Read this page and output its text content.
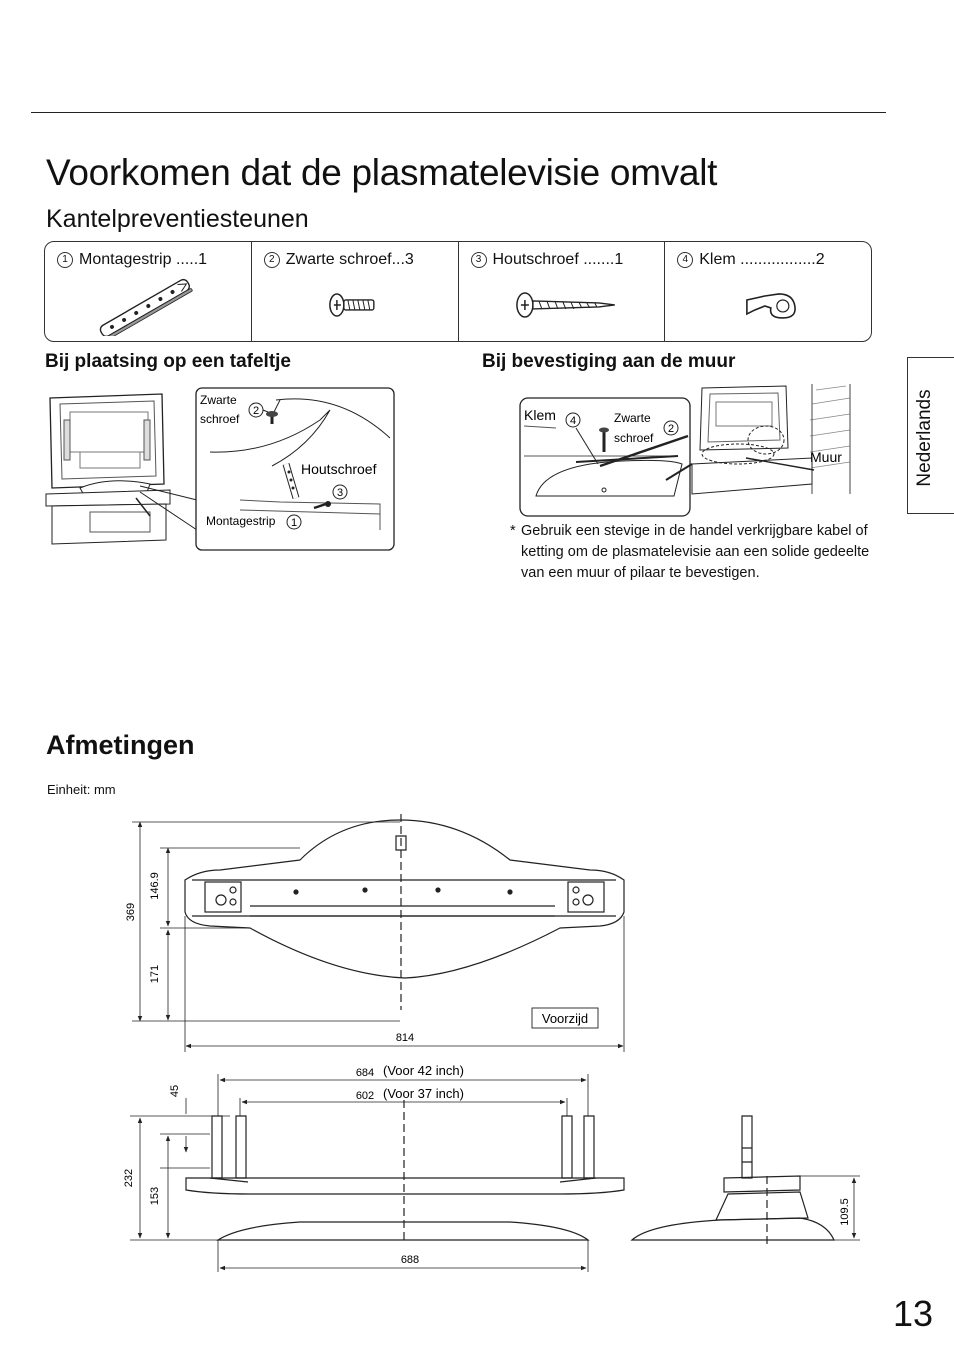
Voorkomen dat de plasmatelevisie omvalt
Kantelpreventiesteunen
1 Montagestrip .....1	2 Zwarte schroef...3	3 Houtschroef .......1	4 Klem .................2
Bij plaatsing op een tafeltje	Bij bevestiging aan de muur
Zwarte
schroef
2
Houtschroef
3
Montagestrip 1
Klem 4	Zwarte
schroef
2
Muur
* Gebruik een stevige in de handel verkrijgbare kabel of ketting om de plasmatelevisie aan een solide gedeelte van een muur of pilaar te bevestigen.
Afmetingen
Einheit: mm
369
146.9
171
814
Voorzijd
684 (Voor 42 inch)
602 (Voor 37 inch)
45
232
153
688
109.5
Nederlands
13
